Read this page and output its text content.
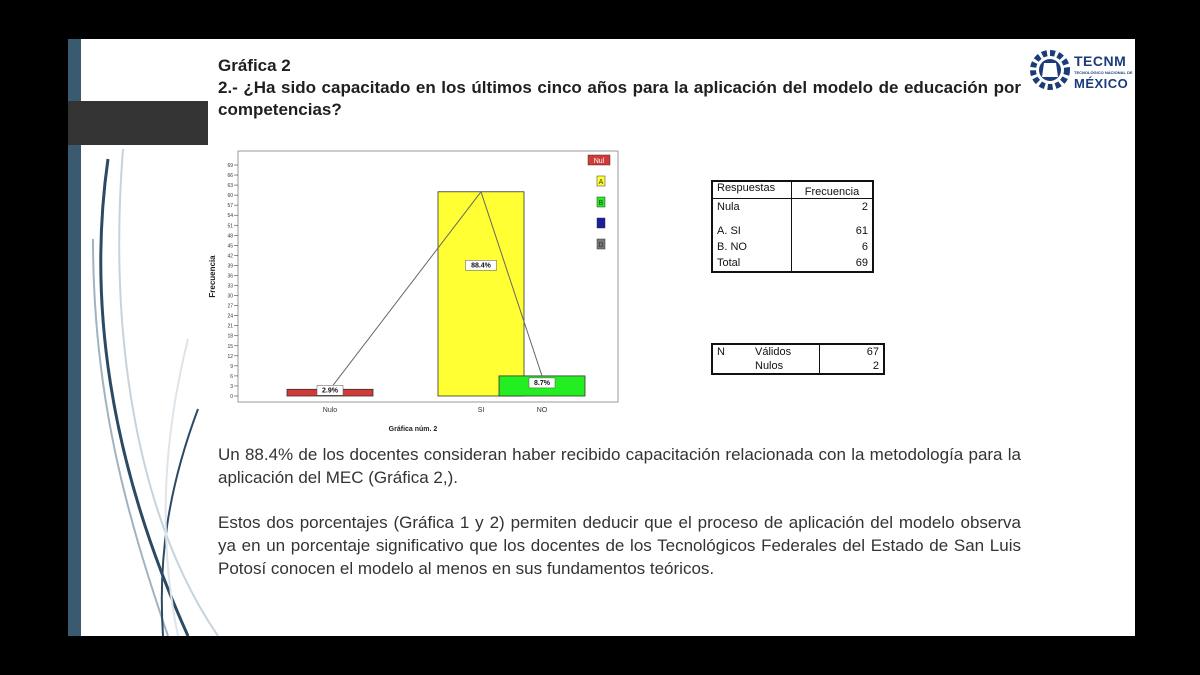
Gráfica 2
2.- ¿Ha sido capacitado en los últimos cinco años para la aplicación del modelo de educación por competencias?
TECNM
TECNOLÓGICO NACIONAL DE
MÉXICO
0
3
6
9
12
15
18
21
24
27
30
33
36
39
42
45
48
51
54
57
60
63
66
69
Frecuencia
Nulo	SI	NO
2.9%
88.4%
8.7%
Gráfica núm. 2
Nul
A
B
C
D
Respuestas	Frecuencia
Nula	2

A. SI	61
B. NO	6
Total	69
N	Válidos	67
	Nulos	2
Un 88.4% de los docentes consideran haber recibido capacitación relacionada con la metodología para la aplicación del MEC (Gráfica 2,).
Estos dos porcentajes (Gráfica 1 y 2) permiten deducir que el proceso de aplicación del modelo observa ya en un porcentaje significativo que los docentes de los Tecnológicos Federales del Estado de San Luis Potosí conocen el modelo al menos en sus fundamentos teóricos.
